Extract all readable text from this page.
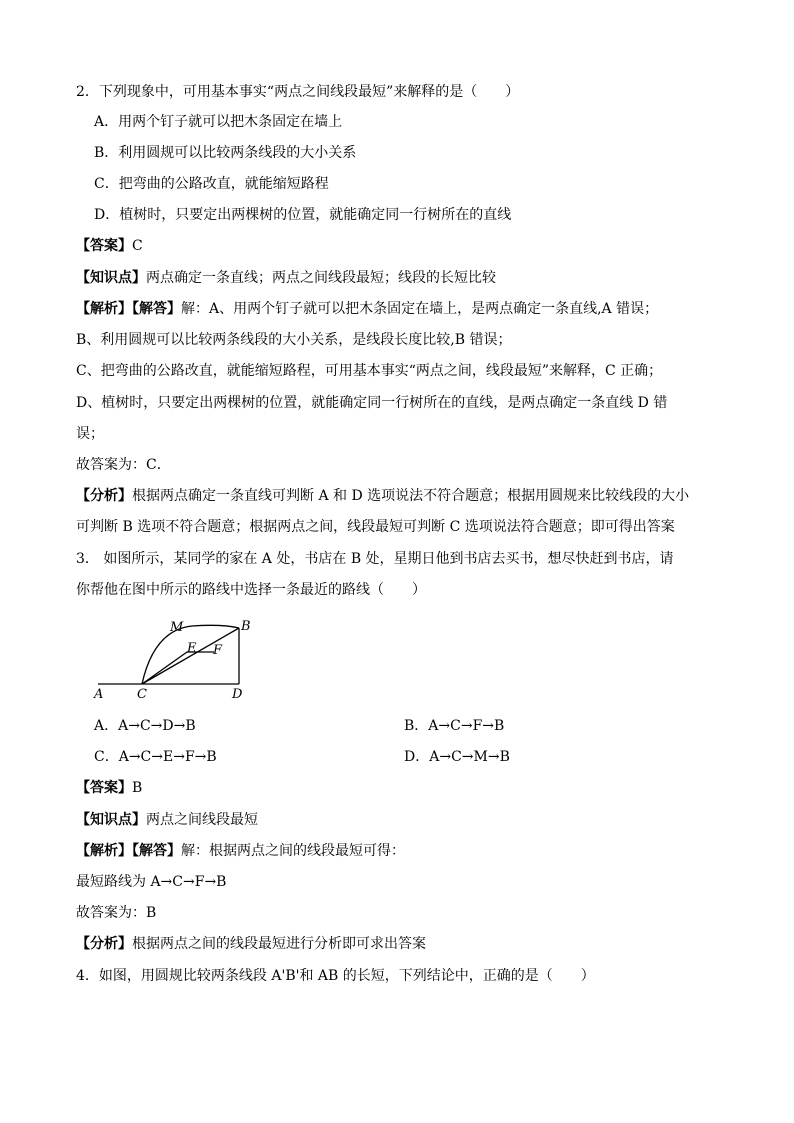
2．下列现象中，可用基本事实“两点之间线段最短”来解释的是（　　）
A．用两个钉子就可以把木条固定在墙上
B．利用圆规可以比较两条线段的大小关系
C．把弯曲的公路改直，就能缩短路程
D．植树时，只要定出两棵树的位置，就能确定同一行树所在的直线
【答案】C
【知识点】两点确定一条直线；两点之间线段最短；线段的长短比较
【解析】【解答】解：A、用两个钉子就可以把木条固定在墙上，是两点确定一条直线,A 错误；
B、利用圆规可以比较两条线段的大小关系，是线段长度比较,B 错误；
C、把弯曲的公路改直，就能缩短路程，可用基本事实“两点之间，线段最短”来解释，C 正确；
D、植树时，只要定出两棵树的位置，就能确定同一行树所在的直线，是两点确定一条直线 D 错
误；
故答案为：C．
【分析】根据两点确定一条直线可判断 A 和 D 选项说法不符合题意；根据用圆规来比较线段的大小
可判断 B 选项不符合题意；根据两点之间，线段最短可判断 C 选项说法符合题意；即可得出答案
3． 如图所示，某同学的家在 A 处，书店在 B 处，星期日他到书店去买书，想尽快赶到书店，请
你帮他在图中所示的路线中选择一条最近的路线（　　）
A	C	D
B
M
E F
A．A→C→D→B	B．A→C→F→B
C．A→C→E→F→B	D．A→C→M→B
【答案】B
【知识点】两点之间线段最短
【解析】【解答】解：根据两点之间的线段最短可得：
最短路线为 A→C→F→B
故答案为：B
【分析】根据两点之间的线段最短进行分析即可求出答案
4．如图，用圆规比较两条线段 A'B'和 AB 的长短，下列结论中，正确的是（　　）
